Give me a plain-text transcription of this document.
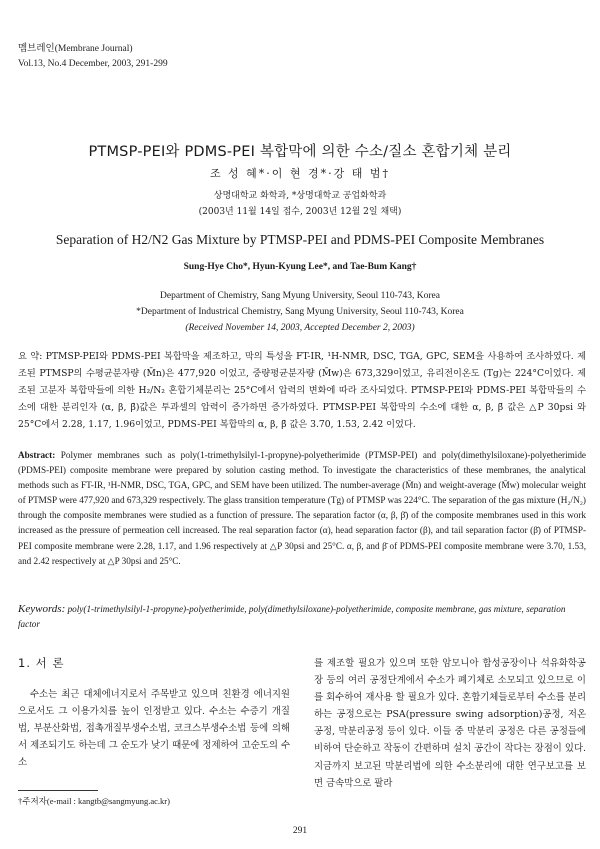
멤브레인(Membrane Journal)
Vol.13, No.4 December, 2003, 291-299
PTMSP-PEI와 PDMS-PEI 복합막에 의한 수소/질소 혼합기체 분리
조 성 혜*·이 현 경*·강 태 범†
상명대학교 화학과, *상명대학교 공업화학과
(2003년 11월 14일 접수, 2003년 12월 2일 채택)
Separation of H2/N2 Gas Mixture by PTMSP-PEI and PDMS-PEI Composite Membranes
Sung-Hye Cho*, Hyun-Kyung Lee*, and Tae-Bum Kang†
Department of Chemistry, Sang Myung University, Seoul 110-743, Korea
*Department of Industrical Chemistry, Sang Myung University, Seoul 110-743, Korea
(Received November 14, 2003, Accepted December 2, 2003)
요 약: PTMSP-PEI와 PDMS-PEI 복합막을 제조하고, 막의 특성을 FT-IR, ¹H-NMR, DSC, TGA, GPC, SEM을 사용하여 조사하였다. 제조된 PTMSP의 수평균분자량 (M̄n)은 477,920 이었고, 중량평균분자량 (M̄w)은 673,329이었고, 유리전이온도 (Tg)는 224°C이었다. 제조된 고분자 복합막들에 의한 H₂/N₂ 혼합기체분리는 25°C에서 압력의 변화에 따라 조사되었다. PTMSP-PEI와 PDMS-PEI 복합막들의 수소에 대한 분리인자 (α, β, β̄)값은 투과셀의 압력이 증가하면 증가하였다. PTMSP-PEI 복합막의 수소에 대한 α, β, β̄ 값은 △P 30psi 와 25°C에서 2.28, 1.17, 1.96이었고, PDMS-PEI 복합막의 α, β, β̄ 값은 3.70, 1.53, 2.42 이었다.
Abstract: Polymer membranes such as poly(1-trimethylsilyl-1-propyne)-polyetherimide (PTMSP-PEI) and poly(dimethylsiloxane)-polyetherimide (PDMS-PEI) composite membrane were prepared by solution casting method. To investigate the characteristics of these membranes, the analytical methods such as FT-IR, ¹H-NMR, DSC, TGA, GPC, and SEM have been utilized. The number-average (M̄n) and weight-average (M̄w) molecular weight of PTMSP were 477,920 and 673,329 respectively. The glass transition temperature (Tg) of PTMSP was 224°C. The separation of the gas mixture (H₂/N₂) through the composite membranes were studied as a function of pressure. The separation factor (α, β, β̄) of the composite membranes used in this work increased as the pressure of permeation cell increased. The real separation factor (α), head separation factor (β), and tail separation factor (β̄) of PTMSP-PEI composite membrane were 2.28, 1.17, and 1.96 respectively at △P 30psi and 25°C. α, β, and β̄ of PDMS-PEI composite membrane were 3.70, 1.53, and 2.42 respectively at △P 30psi and 25°C.
Keywords: poly(1-trimethylsilyl-1-propyne)-polyetherimide, poly(dimethylsiloxane)-polyetherimide, composite membrane, gas mixture, separation factor
1. 서 론

수소는 최근 대체에너지로서 주목받고 있으며 친환경 에너지원으로서도 그 이용가치를 높이 인정받고 있다. 수소는 수증기 개질법, 부분산화법, 접촉개질부생수소법, 코크스부생수소법 등에 의해서 제조되기도 하는데 그 순도가 낮기 때문에 정제하여 고순도의 수소

를 제조할 필요가 있으며 또한 암모니아 합성공장이나 석유화학공장 등의 여러 공정단계에서 수소가 폐기체로 소모되고 있으므로 이를 회수하여 재사용 할 필요가 있다. 혼합기체들로부터 수소를 분리하는 공정으로는 PSA(pressure swing adsorption)공정, 저온공정, 막분리공정 등이 있다. 이들 중 막분리 공정은 다른 공정들에 비하여 단순하고 작동이 간편하며 설치 공간이 작다는 장점이 있다. 지금까지 보고된 막분리법에 의한 수소분리에 대한 연구보고를 보면 금속막으로 팔라

†주저자(e-mail : kangtb@sangmyung.ac.kr)
291
